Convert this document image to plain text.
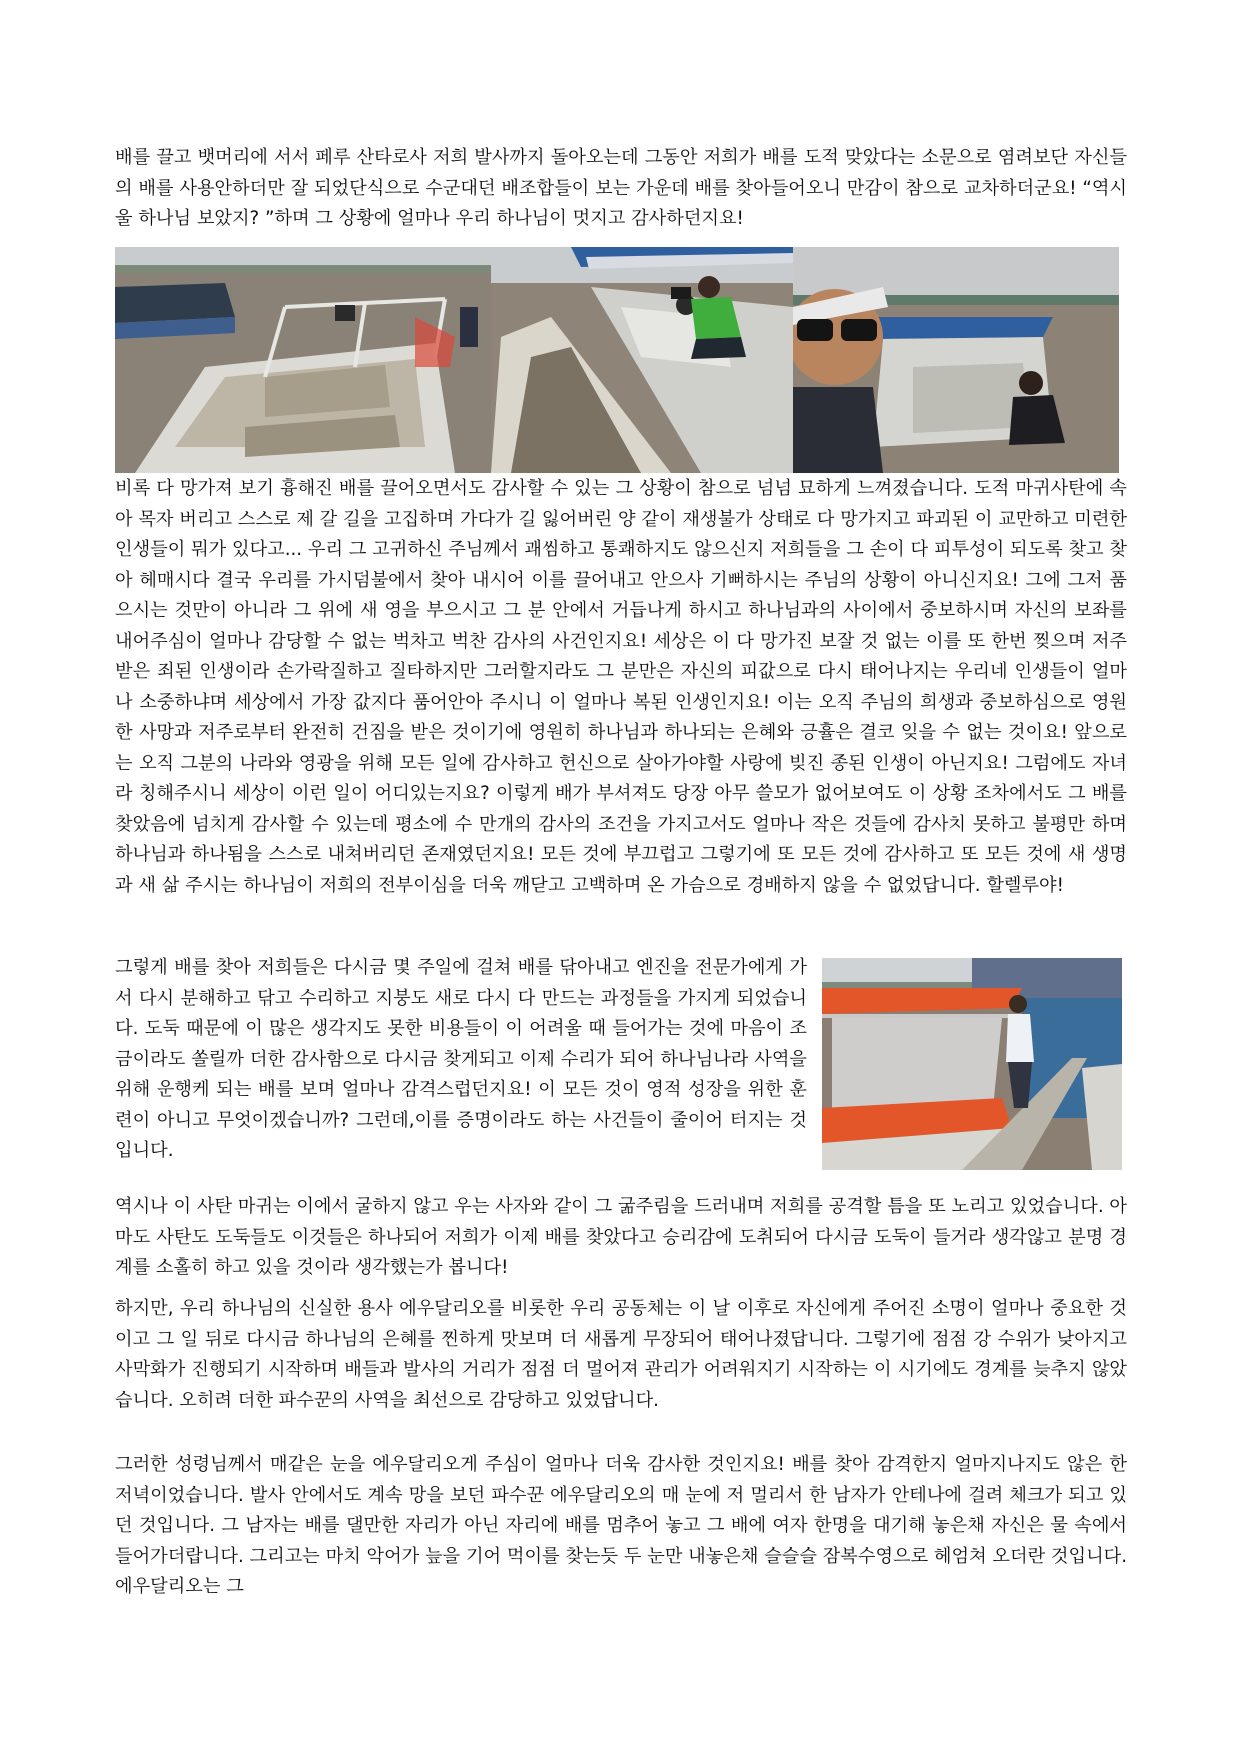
배를 끌고 뱃머리에 서서 페루 산타로사 저희 발사까지 돌아오는데 그동안 저희가 배를 도적 맞았다는 소문으로 염려보단 자신들의 배를 사용안하더만 잘 되었단식으로 수군대던 배조합들이 보는 가운데 배를 찾아들어오니 만감이 참으로 교차하더군요! “역시 울 하나님 보았지? ”하며 그 상황에 얼마나 우리 하나님이 멋지고 감사하던지요!

비록 다 망가져 보기 흉해진 배를 끌어오면서도 감사할 수 있는 그 상황이 참으로 넘넘 묘하게 느껴졌습니다. 도적 마귀사탄에 속아 목자 버리고 스스로 제 갈 길을 고집하며 가다가 길 잃어버린 양 같이 재생불가 상태로 다 망가지고 파괴된 이 교만하고 미련한 인생들이 뭐가 있다고... 우리 그 고귀하신 주님께서 괘씸하고 통쾌하지도 않으신지 저희들을 그 손이 다 피투성이 되도록 찾고 찾아 헤매시다 결국 우리를 가시덤불에서 찾아 내시어 이를 끌어내고 안으사 기뻐하시는 주님의 상황이 아니신지요! 그에 그저 품으시는 것만이 아니라 그 위에 새 영을 부으시고 그 분 안에서 거듭나게 하시고 하나님과의 사이에서 중보하시며 자신의 보좌를 내어주심이 얼마나 감당할 수 없는 벅차고 벅찬 감사의 사건인지요! 세상은 이 다 망가진 보잘 것 없는 이를 또 한번 찢으며 저주 받은 죄된 인생이라 손가락질하고 질타하지만 그러할지라도 그 분만은 자신의 피값으로 다시 태어나지는 우리네 인생들이 얼마나 소중하냐며 세상에서 가장 값지다 품어안아 주시니 이 얼마나 복된 인생인지요! 이는 오직 주님의 희생과 중보하심으로 영원한 사망과 저주로부터 완전히 건짐을 받은 것이기에 영원히 하나님과 하나되는 은혜와 긍휼은 결코 잊을 수 없는 것이요! 앞으로는 오직 그분의 나라와 영광을 위해 모든 일에 감사하고 헌신으로 살아가야할 사랑에 빚진 종된 인생이 아닌지요! 그럼에도 자녀라 칭해주시니 세상이 이런 일이 어디있는지요? 이렇게 배가 부셔져도 당장 아무 쓸모가 없어보여도 이 상황 조차에서도 그 배를 찾았음에 넘치게 감사할 수 있는데 평소에 수 만개의 감사의 조건을 가지고서도 얼마나 작은 것들에 감사치 못하고 불평만 하며 하나님과 하나됨을 스스로 내쳐버리던 존재였던지요! 모든 것에 부끄럽고 그렇기에 또 모든 것에 감사하고 또 모든 것에 새 생명과 새 삶 주시는 하나님이 저희의 전부이심을 더욱 깨닫고 고백하며 온 가슴으로 경배하지 않을 수 없었답니다. 할렐루야!

그렇게 배를 찾아 저희들은 다시금 몇 주일에 걸쳐 배를 닦아내고 엔진을 전문가에게 가서 다시 분해하고 닦고 수리하고 지붕도 새로 다시 다 만드는 과정들을 가지게 되었습니다. 도둑 때문에 이 많은 생각지도 못한 비용들이 이 어려울 때 들어가는 것에 마음이 조금이라도 쏠릴까 더한 감사함으로 다시금 찾게되고 이제 수리가 되어 하나님나라 사역을 위해 운행케 되는 배를 보며 얼마나 감격스럽던지요! 이 모든 것이 영적 성장을 위한 훈련이 아니고 무엇이겠습니까? 그런데,이를 증명이라도 하는 사건들이 줄이어 터지는 것입니다.

역시나 이 사탄 마귀는 이에서 굴하지 않고 우는 사자와 같이 그 굶주림을 드러내며 저희를 공격할 틈을 또 노리고 있었습니다. 아마도 사탄도 도둑들도 이것들은 하나되어 저희가 이제 배를 찾았다고 승리감에 도취되어 다시금 도둑이 들거라 생각않고 분명 경계를 소홀히 하고 있을 것이라 생각했는가 봅니다!

하지만, 우리 하나님의 신실한 용사 에우달리오를 비롯한 우리 공동체는 이 날 이후로 자신에게 주어진 소명이 얼마나 중요한 것이고 그 일 뒤로 다시금 하나님의 은혜를 찐하게 맛보며 더 새롭게 무장되어 태어나졌답니다. 그렇기에 점점 강 수위가 낮아지고 사막화가 진행되기 시작하며 배들과 발사의 거리가 점점 더 멀어져 관리가 어려워지기 시작하는 이 시기에도 경계를 늦추지 않았습니다. 오히려 더한 파수꾼의 사역을 최선으로 감당하고 있었답니다.

그러한 성령님께서 매같은 눈을 에우달리오게 주심이 얼마나 더욱 감사한 것인지요! 배를 찾아 감격한지 얼마지나지도 않은 한 저녁이었습니다. 발사 안에서도 계속 망을 보던 파수꾼 에우달리오의 매 눈에 저 멀리서 한 남자가 안테나에 걸려 체크가 되고 있던 것입니다. 그 남자는 배를 댈만한 자리가 아닌 자리에 배를 멈추어 놓고 그 배에 여자 한명을 대기해 놓은채 자신은 물 속에서 들어가더랍니다. 그리고는 마치 악어가 늪을 기어 먹이를 찾는듯 두 눈만 내놓은채 슬슬슬 잠복수영으로 헤엄쳐 오더란 것입니다. 에우달리오는 그
